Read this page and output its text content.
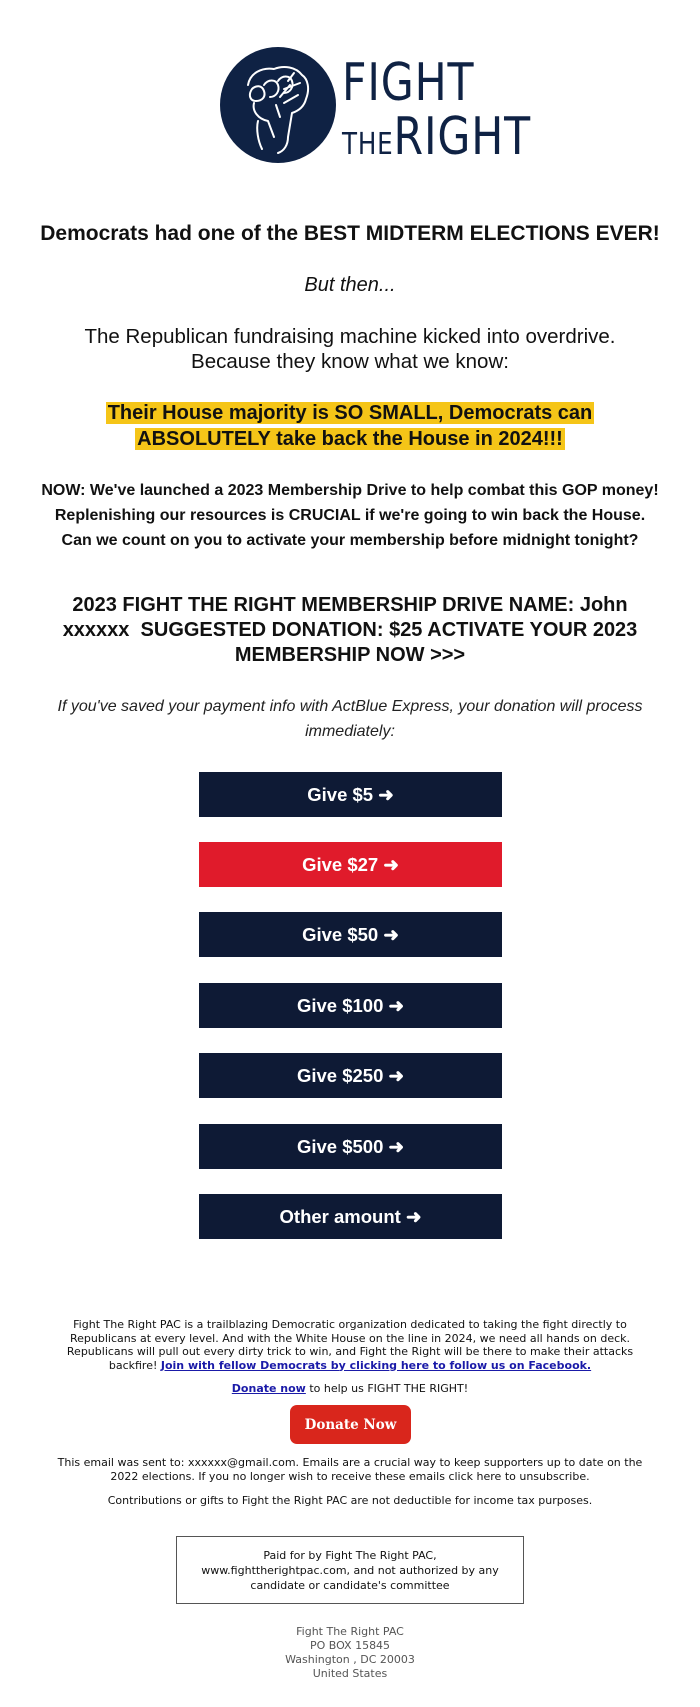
FIGHT
THERIGHT
Democrats had one of the BEST MIDTERM ELECTIONS EVER!
But then...
The Republican fundraising machine kicked into overdrive.
Because they know what we know:
Their House majority is SO SMALL, Democrats can
ABSOLUTELY take back the House in 2024!!!
NOW: We've launched a 2023 Membership Drive to help combat this GOP money! Replenishing our resources is CRUCIAL if we're going to win back the House. Can we count on you to activate your membership before midnight tonight?
2023 FIGHT THE RIGHT MEMBERSHIP DRIVE NAME: John
xxxxxx  SUGGESTED DONATION: $25 ACTIVATE YOUR 2023
MEMBERSHIP NOW >>>
If you've saved your payment info with ActBlue Express, your donation will process immediately:
Give $5 ➜
Give $27 ➜
Give $50 ➜
Give $100 ➜
Give $250 ➜
Give $500 ➜
Other amount ➜
Fight The Right PAC is a trailblazing Democratic organization dedicated to taking the fight directly to Republicans at every level. And with the White House on the line in 2024, we need all hands on deck. Republicans will pull out every dirty trick to win, and Fight the Right will be there to make their attacks backfire! Join with fellow Democrats by clicking here to follow us on Facebook.
Donate now to help us FIGHT THE RIGHT!
Donate Now
This email was sent to: xxxxxx@gmail.com. Emails are a crucial way to keep supporters up to date on the 2022 elections. If you no longer wish to receive these emails click here to unsubscribe.
Contributions or gifts to Fight the Right PAC are not deductible for income tax purposes.
Paid for by Fight The Right PAC, www.fighttherightpac.com, and not authorized by any candidate or candidate's committee
Fight The Right PAC
PO BOX 15845
Washington , DC 20003
United States
